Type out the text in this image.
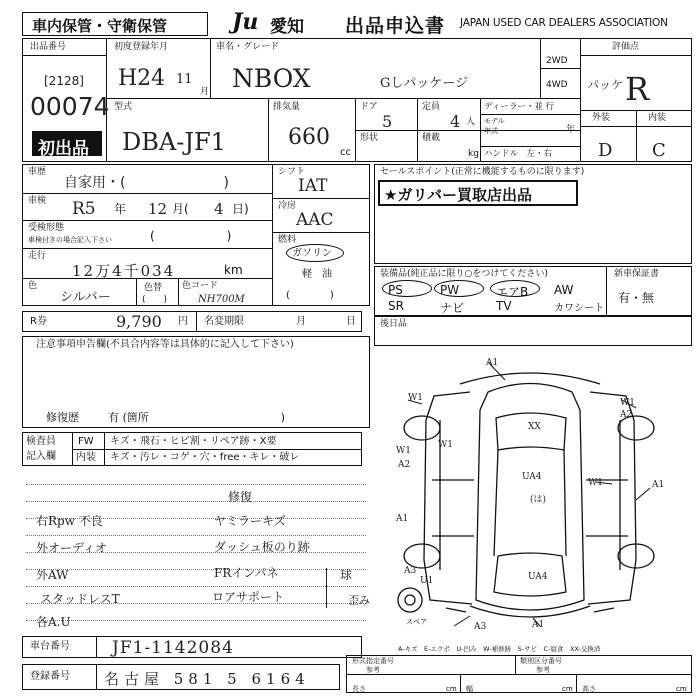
車内保管・守衛保管	Ju 愛知 出品申込書 JAPAN USED CAR DEALERS ASSOCIATION
出品番号
[2128]
00074
初出品
初度登録年月
H24 11
月
車名・グレード
NBOX	Gしパッケージ
2WD
4WD パッケ
評価点
R
外装	内装
D C
型式
DBA-JF1
排気量
660
cc
ドア
5
形状
定員
4 人
積載
kg
ディーラー・並 行
モデル
年式	年
ハンドル　左・右
車歴
自家用・(　　　　　　　)
車検 R5 年 12 月( 4 日)
受検形態
車検付きの場合記入下さい	(　　　　　　)
走行
12万4千034	km
色
シルバー
色替
(　　)
色コード
NH700M
シフト
IAT
冷房
AAC
燃料
ガソリン
軽　油
(　　　　)
R券	9,790 円 名変期限	月	日
セールスポイント(正常に機能するものに限ります)
★ガリバー買取店出品
装備品(純正品に限り○をつけてください)	新車保証書
有・無
PS	PW	エアB AW
SR	ナビ	TV	カワシート
後日品
注意事項申告欄(不具合内容等は具体的に記入して下さい)
修復歴	有 (箇所　　　　　　　　　　　　)
検査員
記入欄
FW
内装
キズ・飛石・ヒビ割・リペア跡・X要
キズ・汚レ・コゲ・穴・free・キレ・破レ
修復
右Rpw 不良
外オーディオ
外AW
スタッドレスT
各A.U
ヤミラーキズ
ダッシュ板のり跡
FRインパネ
ロアサポート
球
歪み
スペア
A1
W1
W1
W1
A2
A1
XX
UA4
(は)
W1	A1
UA4
A3
U1
A3	A1
W1
A2
A-キズ　E-エクボ　U-凹み　W-補修跡　S-サビ　C-腐食　XX-交換済
車台番号 JF1-1142084
登録番号 名古屋 581 5 6164
形式指定番号
参考
類別区分番号
参考
長さ	cm 幅	cm 高さ	cm
